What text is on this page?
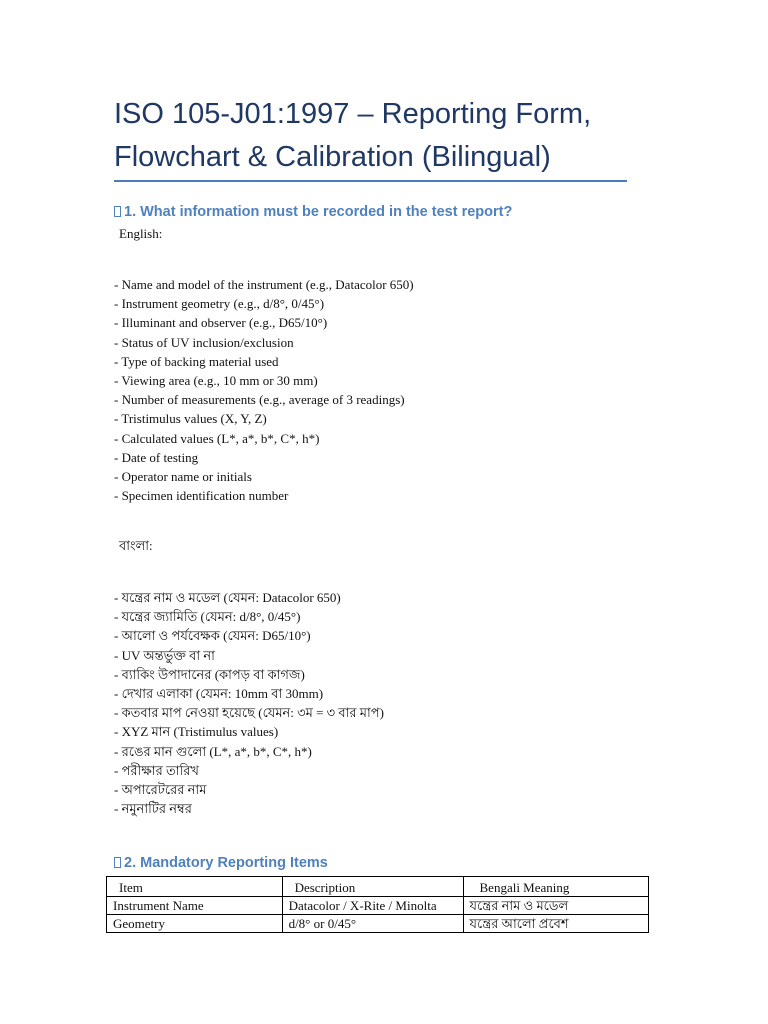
ISO 105-J01:1997 – Reporting Form, Flowchart & Calibration (Bilingual)
1. What information must be recorded in the test report?
English:
- Name and model of the instrument (e.g., Datacolor 650)
- Instrument geometry (e.g., d/8°, 0/45°)
- Illuminant and observer (e.g., D65/10°)
- Status of UV inclusion/exclusion
- Type of backing material used
- Viewing area (e.g., 10 mm or 30 mm)
- Number of measurements (e.g., average of 3 readings)
- Tristimulus values (X, Y, Z)
- Calculated values (L*, a*, b*, C*, h*)
- Date of testing
- Operator name or initials
- Specimen identification number
বাংলা:
- যন্ত্রের নাম ও মডেল (যেমন: Datacolor 650)
- যন্ত্রের জ্যামিতি (যেমন: d/8°, 0/45°)
- আলো ও পর্যবেক্ষক (যেমন: D65/10°)
- UV অন্তর্ভুক্ত বা না
- ব্যাকিং উপাদানের (কাপড় বা কাগজ)
- দেখার এলাকা (যেমন: 10mm বা 30mm)
- কতবার মাপ নেওয়া হয়েছে (যেমন: ৩ম = ৩ বার মাপ)
- XYZ মান (Tristimulus values)
- রঙের মান গুলো (L*, a*, b*, C*, h*)
- পরীক্ষার তারিখ
- অপারেটরের নাম
- নমুনাটির নম্বর
2. Mandatory Reporting Items
Item	Description	Bengali Meaning
Instrument Name	Datacolor / X-Rite / Minolta	যন্ত্রের নাম ও মডেল
Geometry	d/8° or 0/45°	যন্ত্রের আলো প্রবেশ
